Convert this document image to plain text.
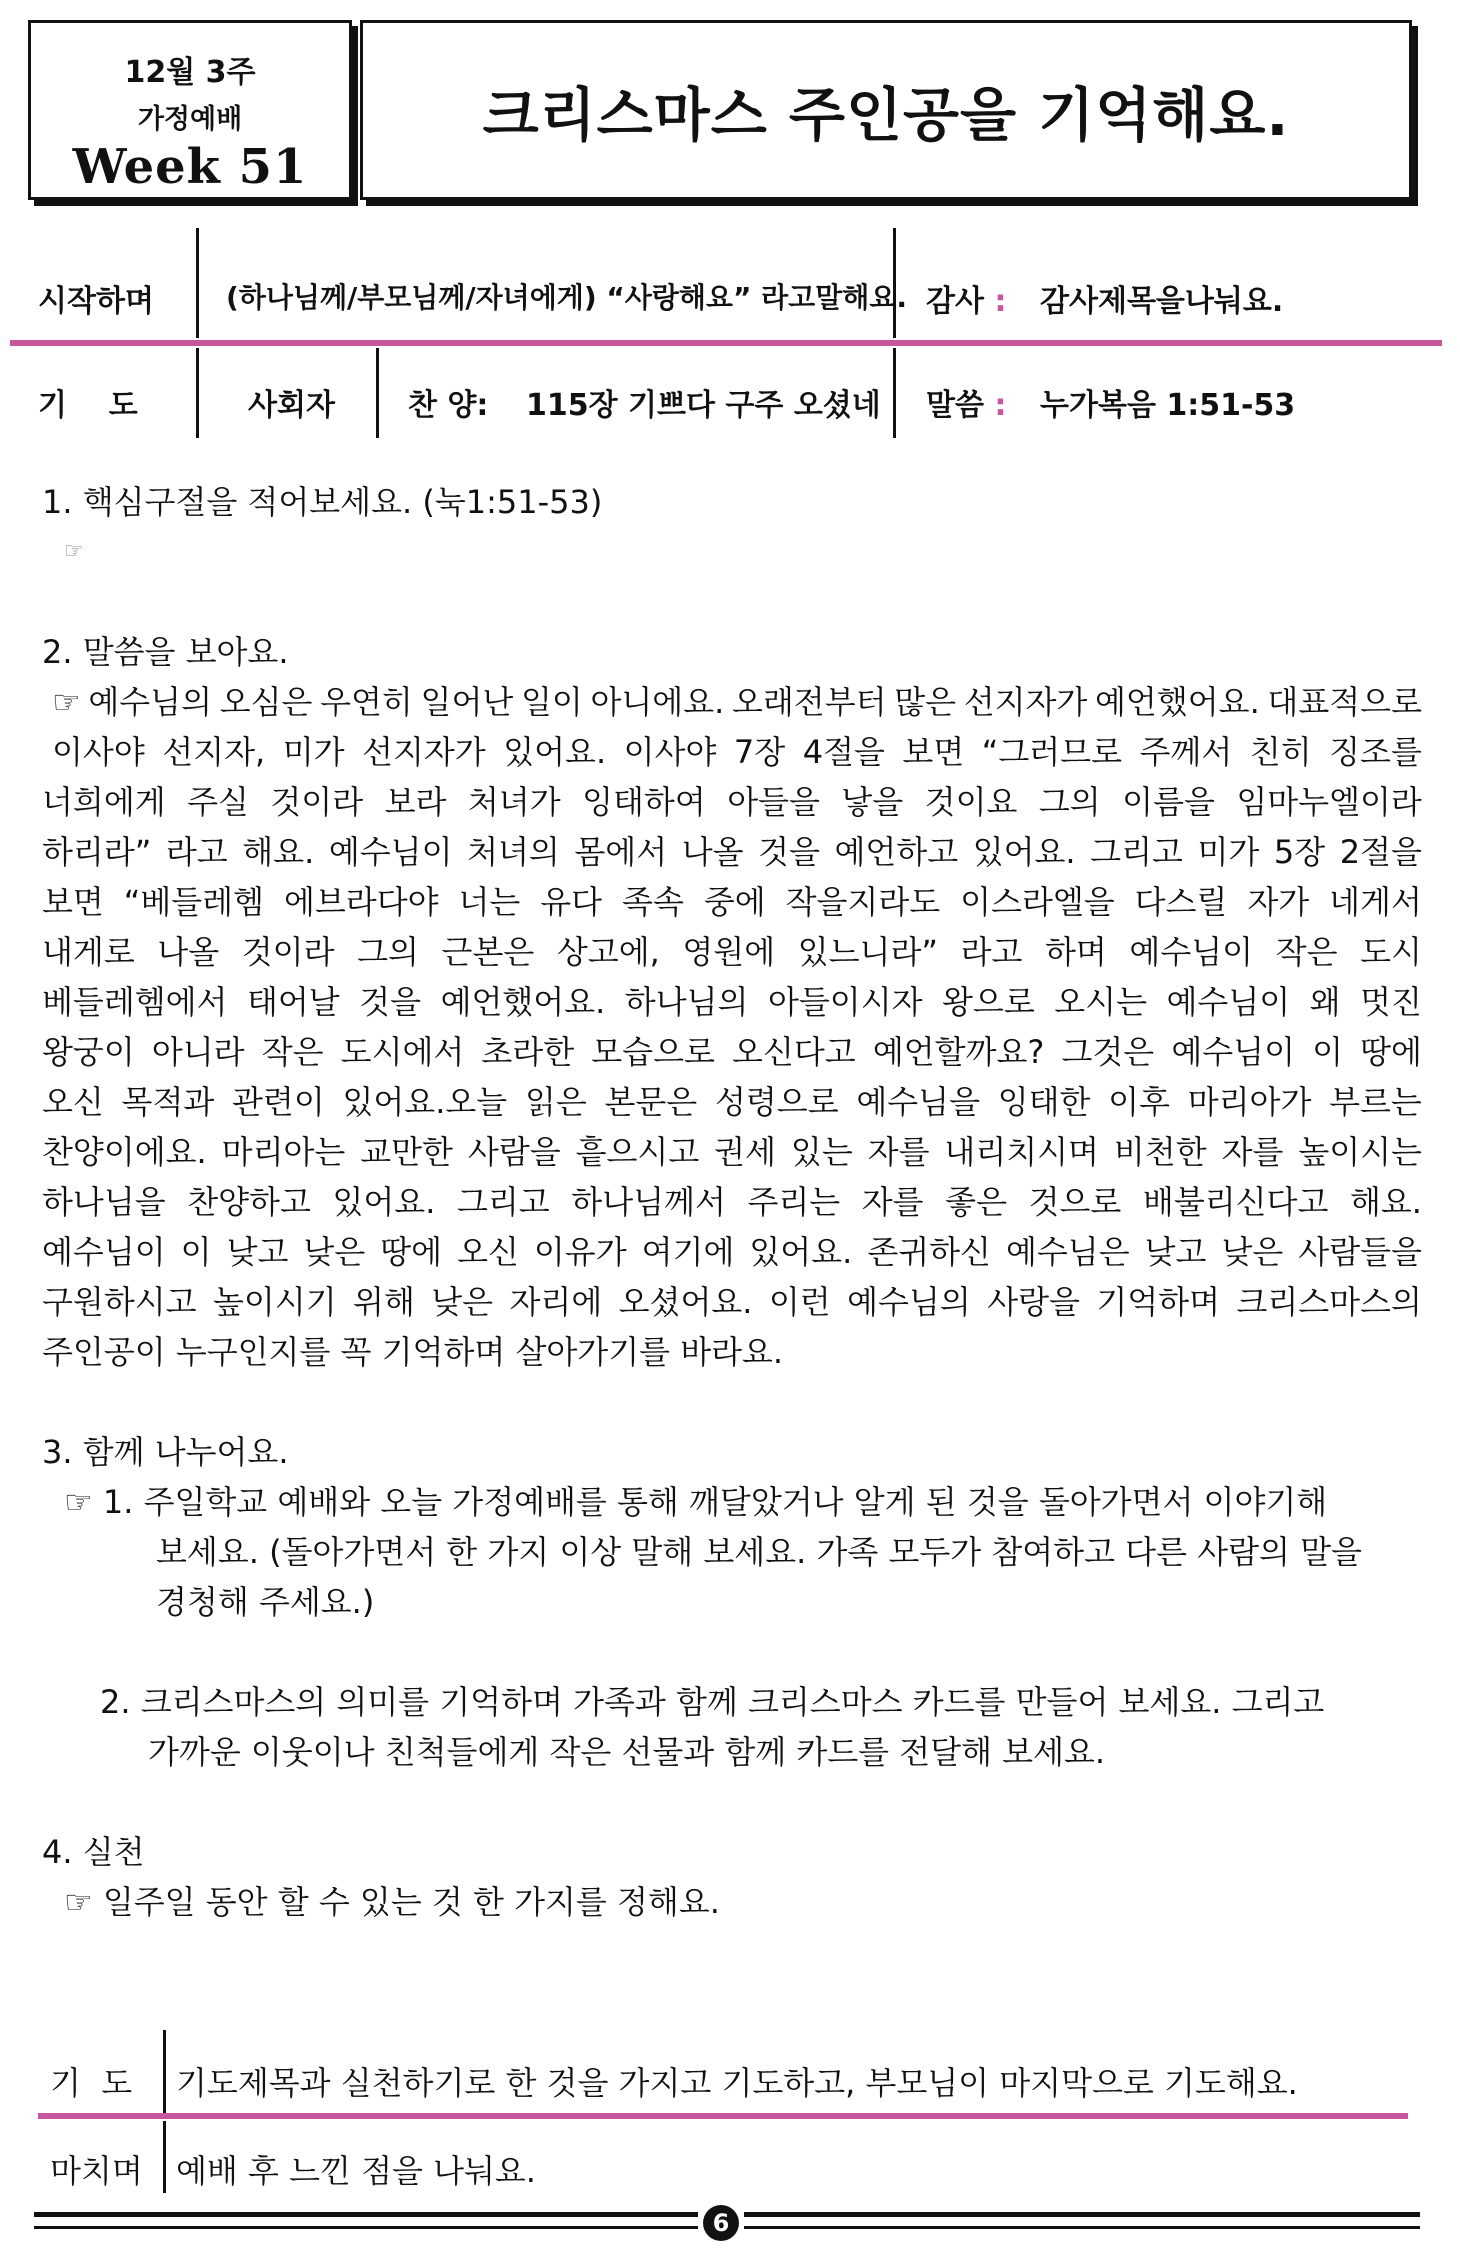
12월 3주
가정예배
Week 51
크리스마스 주인공을 기억해요.
시작하며	(하나님께/부모님께/자녀에게) “사랑해요” 라고말해요. 감사 : 감사제목을나눠요.
기    도	사회자 찬 양: 115장 기쁘다 구주 오셨네 말씀 : 누가복음 1:51-53
1. 핵심구절을 적어보세요. (눅1:51-53)
☞
2. 말씀을 보아요.
☞ 예수님의 오심은 우연히 일어난 일이 아니에요. 오래전부터 많은 선지자가 예언했어요. 대표적으로
이사야 선지자, 미가 선지자가 있어요. 이사야 7장 4절을 보면 “그러므로 주께서 친히 징조를
너희에게 주실 것이라 보라 처녀가 잉태하여 아들을 낳을 것이요 그의 이름을 임마누엘이라
하리라” 라고 해요. 예수님이 처녀의 몸에서 나올 것을 예언하고 있어요. 그리고 미가 5장 2절을
보면 “베들레헴 에브라다야 너는 유다 족속 중에 작을지라도 이스라엘을 다스릴 자가 네게서
내게로 나올 것이라 그의 근본은 상고에, 영원에 있느니라” 라고 하며 예수님이 작은 도시
베들레헴에서 태어날 것을 예언했어요. 하나님의 아들이시자 왕으로 오시는 예수님이 왜 멋진
왕궁이 아니라 작은 도시에서 초라한 모습으로 오신다고 예언할까요? 그것은 예수님이 이 땅에
오신 목적과 관련이 있어요.오늘 읽은 본문은 성령으로 예수님을 잉태한 이후 마리아가 부르는
찬양이에요. 마리아는 교만한 사람을 흩으시고 권세 있는 자를 내리치시며 비천한 자를 높이시는
하나님을 찬양하고 있어요. 그리고 하나님께서 주리는 자를 좋은 것으로 배불리신다고 해요.
예수님이 이 낮고 낮은 땅에 오신 이유가 여기에 있어요. 존귀하신 예수님은 낮고 낮은 사람들을
구원하시고 높이시기 위해 낮은 자리에 오셨어요. 이런 예수님의 사랑을 기억하며 크리스마스의
주인공이 누구인지를 꼭 기억하며 살아가기를 바라요.
3. 함께 나누어요.
☞ 1. 주일학교 예배와 오늘 가정예배를 통해 깨달았거나 알게 된 것을 돌아가면서 이야기해
보세요. (돌아가면서 한 가지 이상 말해 보세요. 가족 모두가 참여하고 다른 사람의 말을
경청해 주세요.)
2. 크리스마스의 의미를 기억하며 가족과 함께 크리스마스 카드를 만들어 보세요. 그리고
가까운 이웃이나 친척들에게 작은 선물과 함께 카드를 전달해 보세요.
4. 실천
☞ 일주일 동안 할 수 있는 것 한 가지를 정해요.
기  도 기도제목과 실천하기로 한 것을 가지고 기도하고, 부모님이 마지막으로 기도해요.
마치며 예배 후 느낀 점을 나눠요.
6
